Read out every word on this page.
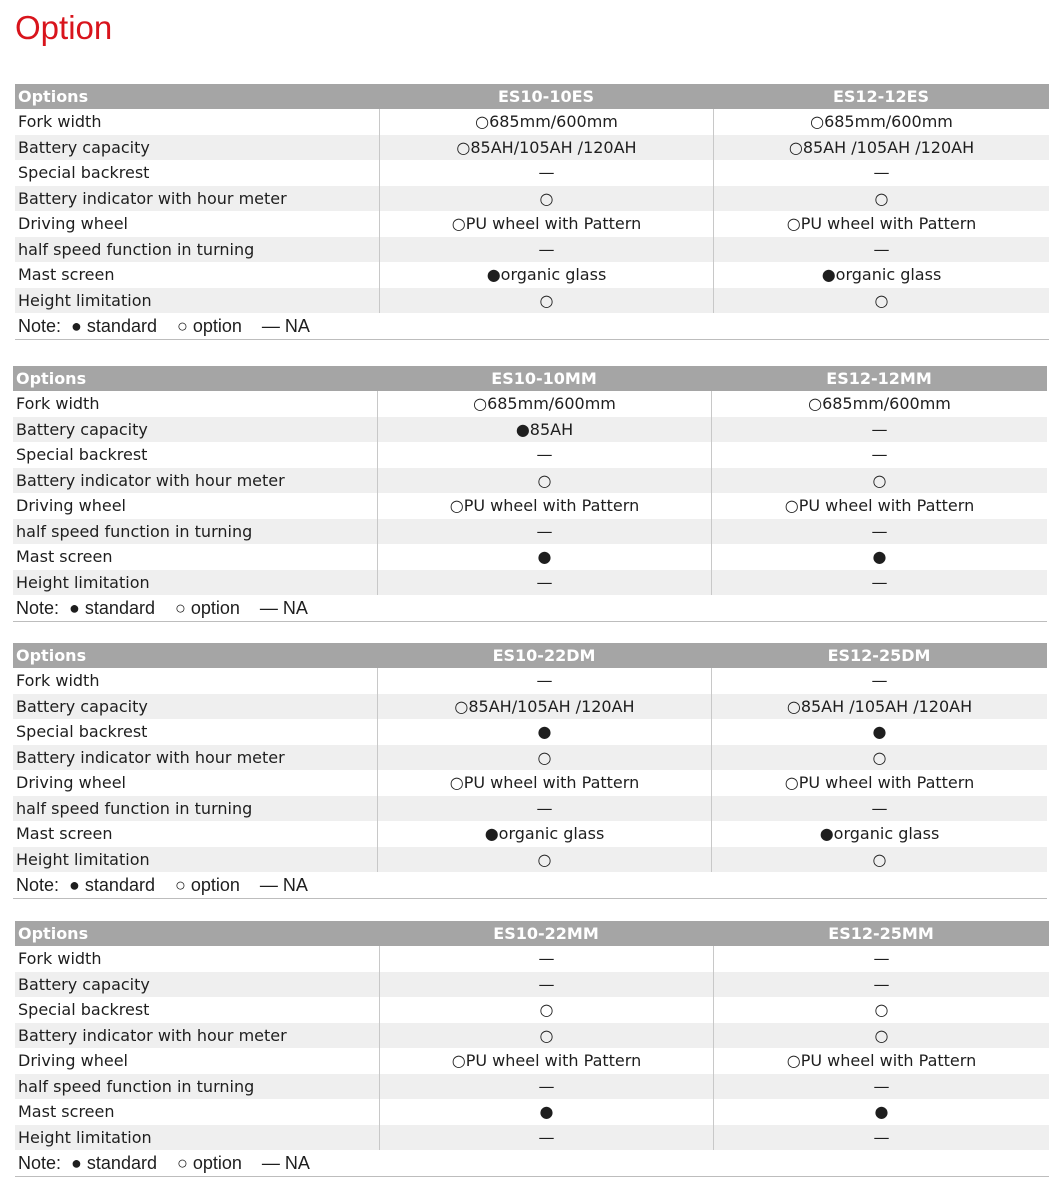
Option
Options	ES10-10ES	ES12-12ES
Fork width	○685mm/600mm	○685mm/600mm
Battery capacity	○85AH/105AH /120AH	○85AH /105AH /120AH
Special backrest	—	—
Battery indicator with hour meter	○	○
Driving wheel	○PU wheel with Pattern	○PU wheel with Pattern
half speed function in turning	—	—
Mast screen	●organic glass	●organic glass
Height limitation	○	○
Note:
● standard    ○ option    — NA
Options	ES10-10MM	ES12-12MM
Fork width	○685mm/600mm	○685mm/600mm
Battery capacity	●85AH	—
Special backrest	—	—
Battery indicator with hour meter	○	○
Driving wheel	○PU wheel with Pattern	○PU wheel with Pattern
half speed function in turning	—	—
Mast screen	●	●
Height limitation	—	—
Note:
● standard    ○ option    — NA
Options	ES10-22DM	ES12-25DM
Fork width	—	—
Battery capacity	○85AH/105AH /120AH	○85AH /105AH /120AH
Special backrest	●	●
Battery indicator with hour meter	○	○
Driving wheel	○PU wheel with Pattern	○PU wheel with Pattern
half speed function in turning	—	—
Mast screen	●organic glass	●organic glass
Height limitation	○	○
Note:
● standard    ○ option    — NA
Options	ES10-22MM	ES12-25MM
Fork width	—	—
Battery capacity	—	—
Special backrest	○	○
Battery indicator with hour meter	○	○
Driving wheel	○PU wheel with Pattern	○PU wheel with Pattern
half speed function in turning	—	—
Mast screen	●	●
Height limitation	—	—
Note:
● standard    ○ option    — NA
